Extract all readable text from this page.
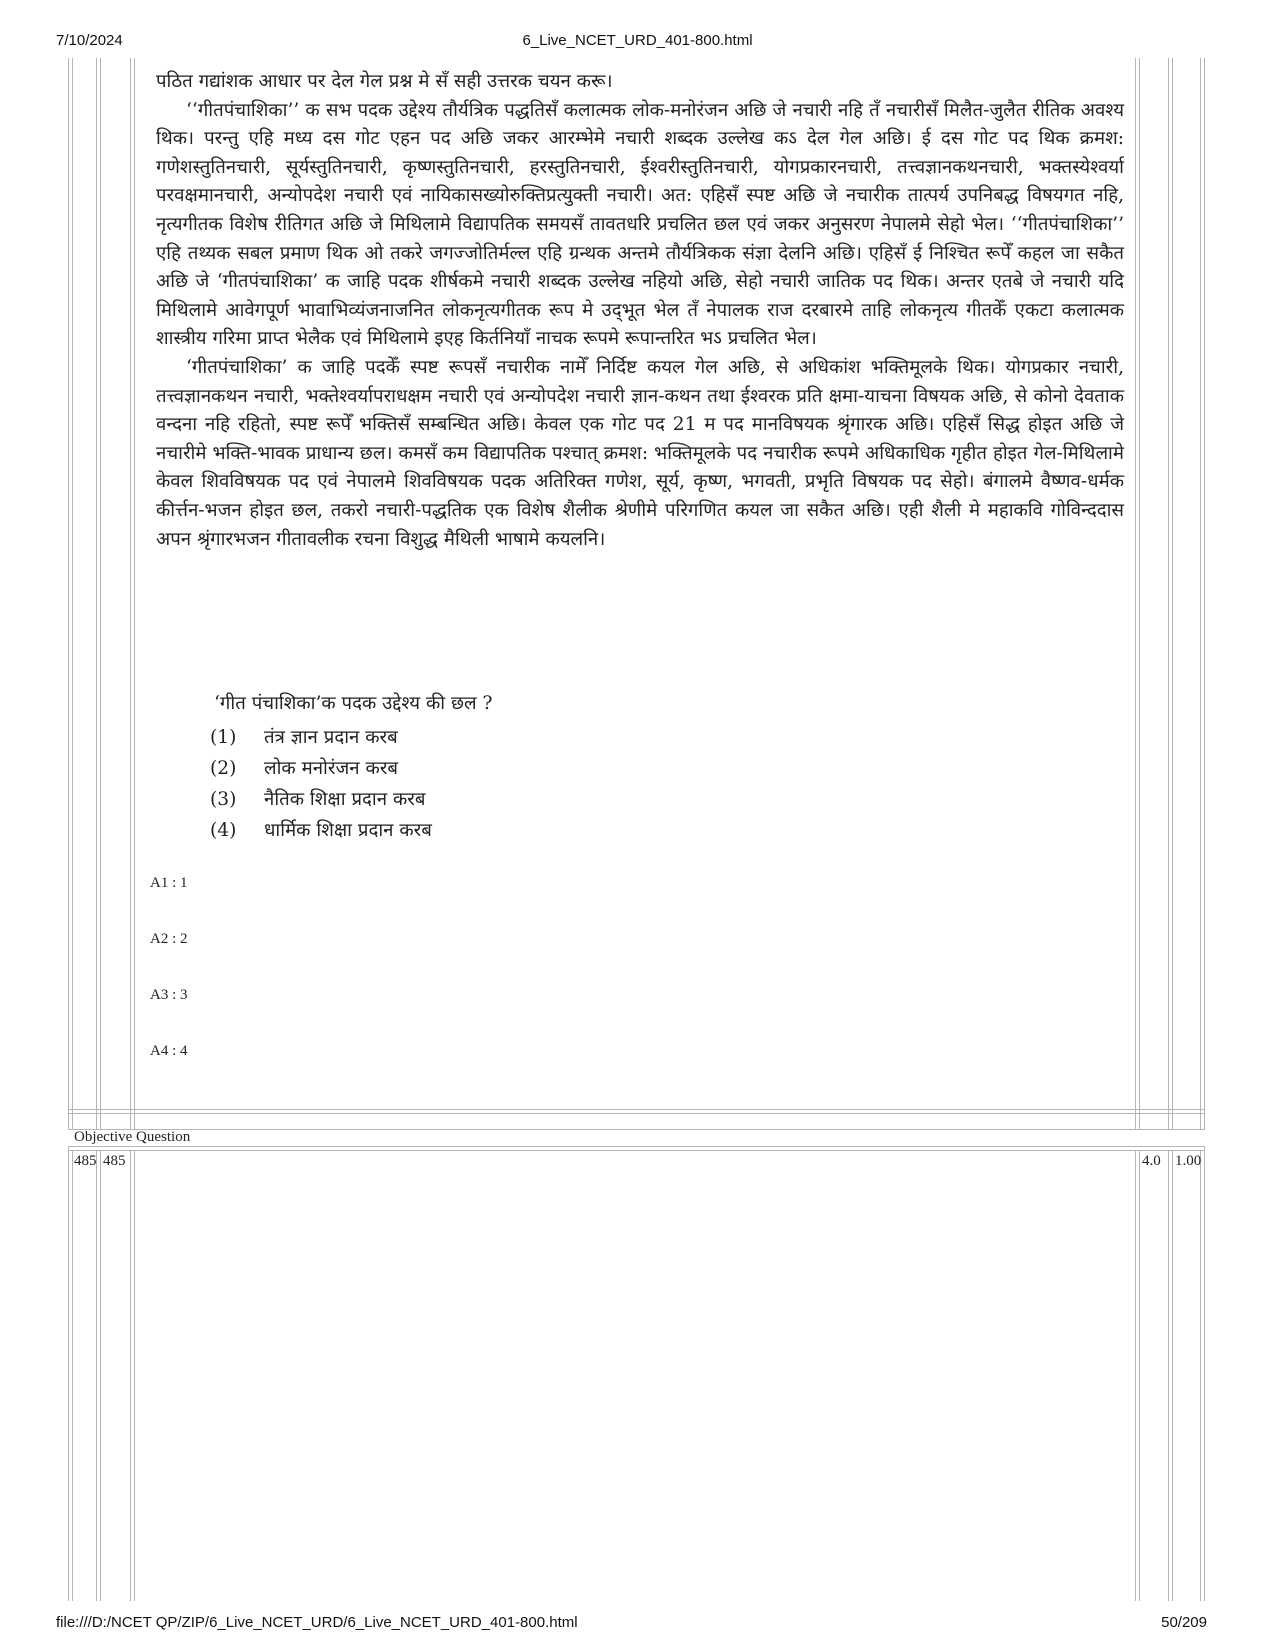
7/10/2024	6_Live_NCET_URD_401-800.html

पठित गद्यांशक आधार पर देल गेल प्रश्न मे सँ सही उत्तरक चयन करू।

‘‘गीतपंचाशिका’’ क सभ पदक उद्देश्य तौर्यत्रिक पद्धतिसँ कलात्मक लोक-मनोरंजन अछि जे नचारी नहि तँ नचारीसँ मिलैत-जुलैत रीतिक अवश्य थिक। परन्तु एहि मध्य दस गोट एहन पद अछि जकर आरम्भेमे नचारी शब्दक उल्लेख कऽ देल गेल अछि। ई दस गोट पद थिक क्रमश: गणेशस्तुतिनचारी, सूर्यस्तुतिनचारी, कृष्णस्तुतिनचारी, हरस्तुतिनचारी, ईश्वरीस्तुतिनचारी, योगप्रकारनचारी, तत्त्वज्ञानकथनचारी, भक्तस्येश्वर्या परवक्षमानचारी, अन्योपदेश नचारी एवं नायिकासख्योरुक्तिप्रत्युक्ती नचारी। अत: एहिसँ स्पष्ट अछि जे नचारीक तात्पर्य उपनिबद्ध विषयगत नहि, नृत्यगीतक विशेष रीतिगत अछि जे मिथिलामे विद्यापतिक समयसँ तावतधरि प्रचलित छल एवं जकर अनुसरण नेपालमे सेहो भेल। ‘‘गीतपंचाशिका’’ एहि तथ्यक सबल प्रमाण थिक ओ तकरे जगज्जोतिर्मल्ल एहि ग्रन्थक अन्तमे तौर्यत्रिकक संज्ञा देलनि अछि। एहिसँ ई निश्चित रूपेँ कहल जा सकैत अछि जे ‘गीतपंचाशिका’ क जाहि पदक शीर्षकमे नचारी शब्दक उल्लेख नहियो अछि, सेहो नचारी जातिक पद थिक। अन्तर एतबे जे नचारी यदि मिथिलामे आवेगपूर्ण भावाभिव्यंजनाजनित लोकनृत्यगीतक रूप मे उद्‌भूत भेल तँ नेपालक राज दरबारमे ताहि लोकनृत्य गीतकेँ एकटा कलात्मक शास्त्रीय गरिमा प्राप्त भेलैक एवं मिथिलामे इएह किर्तनियाँ नाचक रूपमे रूपान्तरित भऽ प्रचलित भेल।

‘गीतपंचाशिका’ क जाहि पदकेँ स्पष्ट रूपसँ नचारीक नामेँ निर्दिष्ट कयल गेल अछि, से अधिकांश भक्तिमूलके थिक। योगप्रकार नचारी, तत्त्वज्ञानकथन नचारी, भक्तेश्वर्यापराधक्षम नचारी एवं अन्योपदेश नचारी ज्ञान-कथन तथा ईश्वरक प्रति क्षमा-याचना विषयक अछि, से कोनो देवताक वन्दना नहि रहितो, स्पष्ट रूपेँ भक्तिसँ सम्बन्धित अछि। केवल एक गोट पद 21 म पद मानविषयक श्रृंगारक अछि। एहिसँ सिद्ध होइत अछि जे नचारीमे भक्ति-भावक प्राधान्य छल। कमसँ कम विद्यापतिक पश्चात् क्रमश: भक्तिमूलके पद नचारीक रूपमे अधिकाधिक गृहीत होइत गेल-मिथिलामे केवल शिवविषयक पद एवं नेपालमे शिवविषयक पदक अतिरिक्त गणेश, सूर्य, कृष्ण, भगवती, प्रभृति विषयक पद सेहो। बंगालमे वैष्णव-धर्मक कीर्त्तन-भजन होइत छल, तकरो नचारी-पद्धतिक एक विशेष शैलीक श्रेणीमे परिगणित कयल जा सकैत अछि। एही शैली मे महाकवि गोविन्ददास अपन श्रृंगारभजन गीतावलीक रचना विशुद्ध मैथिली भाषामे कयलनि।

‘गीत पंचाशिका’क पदक उद्देश्य की छल ?
(1) तंत्र ज्ञान प्रदान करब
(2) लोक मनोरंजन करब
(3) नैतिक शिक्षा प्रदान करब
(4) धार्मिक शिक्षा प्रदान करब
A1 : 1
A2 : 2
A3 : 3
A4 : 4
Objective Question
485 485	4.0 1.00
file:///D:/NCET QP/ZIP/6_Live_NCET_URD/6_Live_NCET_URD_401-800.html	50/209
